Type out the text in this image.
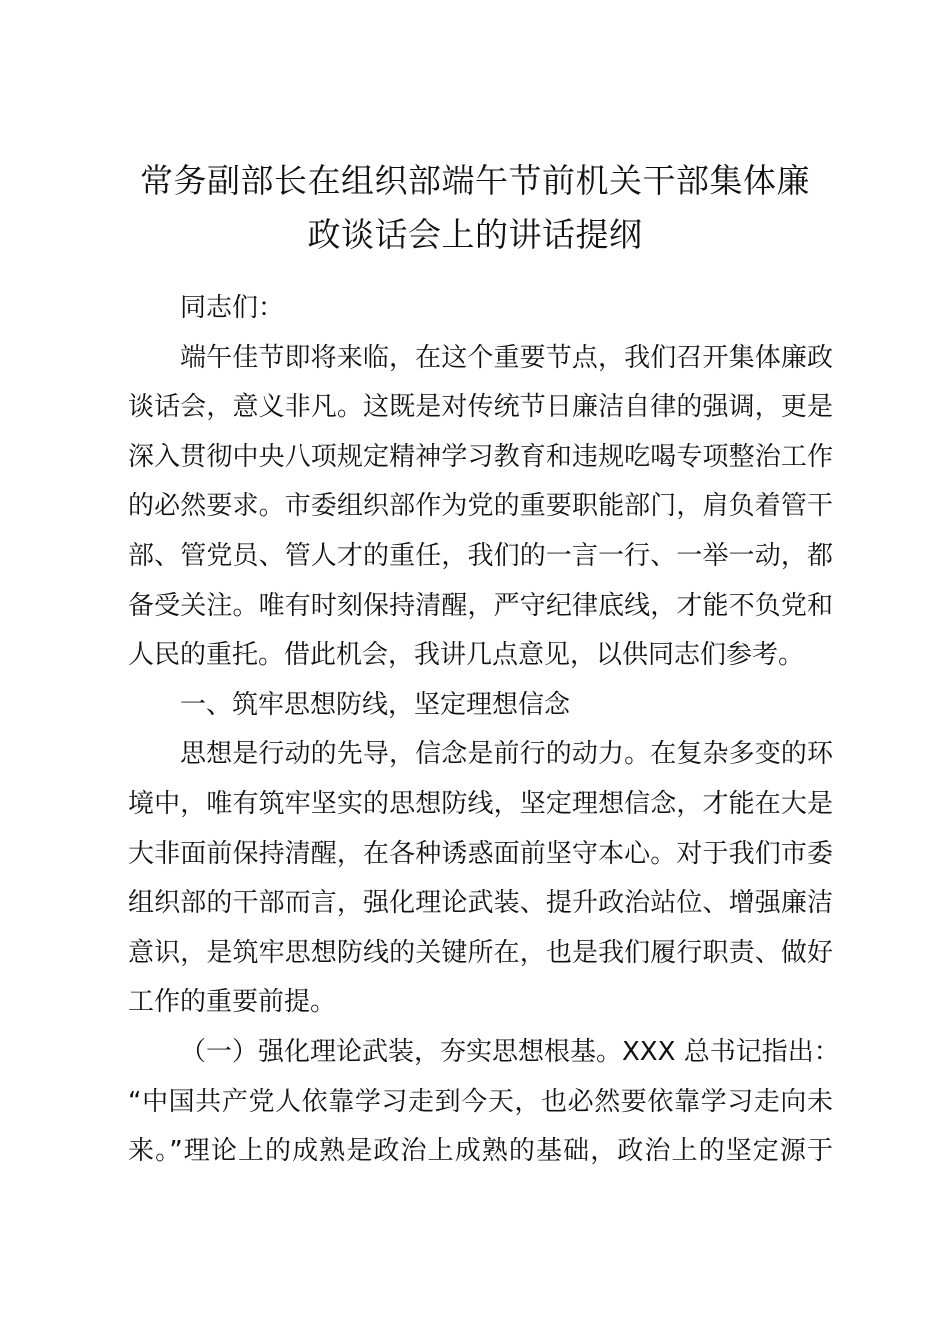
常务副部长在组织部端午节前机关干部集体廉
政谈话会上的讲话提纲
同志们：
端午佳节即将来临，在这个重要节点，我们召开集体廉政
谈话会，意义非凡。这既是对传统节日廉洁自律的强调，更是
深入贯彻中央八项规定精神学习教育和违规吃喝专项整治工作
的必然要求。市委组织部作为党的重要职能部门，肩负着管干
部、管党员、管人才的重任，我们的一言一行、一举一动，都
备受关注。唯有时刻保持清醒，严守纪律底线，才能不负党和
人民的重托。借此机会，我讲几点意见，以供同志们参考。
一、筑牢思想防线，坚定理想信念
思想是行动的先导，信念是前行的动力。在复杂多变的环
境中，唯有筑牢坚实的思想防线，坚定理想信念，才能在大是
大非面前保持清醒，在各种诱惑面前坚守本心。对于我们市委
组织部的干部而言，强化理论武装、提升政治站位、增强廉洁
意识，是筑牢思想防线的关键所在，也是我们履行职责、做好
工作的重要前提。
（一）强化理论武装，夯实思想根基。XXX 总书记指出：
“中国共产党人依靠学习走到今天，也必然要依靠学习走向未
来。”理论上的成熟是政治上成熟的基础，政治上的坚定源于
